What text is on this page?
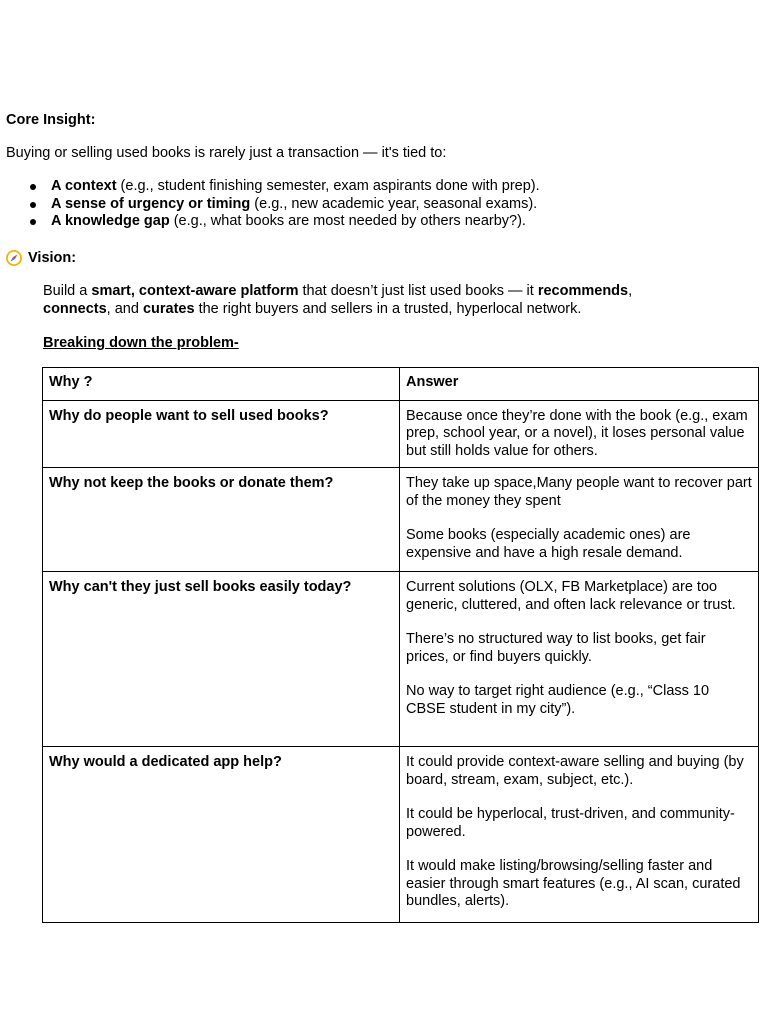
Core Insight:
Buying or selling used books is rarely just a transaction — it's tied to:
A context (e.g., student finishing semester, exam aspirants done with prep).
A sense of urgency or timing (e.g., new academic year, seasonal exams).
A knowledge gap (e.g., what books are most needed by others nearby?).
Vision:
Build a smart, context-aware platform that doesn’t just list used books — it recommends,
connects, and curates the right buyers and sellers in a trusted, hyperlocal network.
Breaking down the problem-
Why ?	Answer
Why do people want to sell used books?	Because once they’re done with the book (e.g., exam prep, school year, or a novel), it loses personal value but still holds value for others.

Why not keep the books or donate them?	They take up space,Many people want to recover part of the money they spent

Some books (especially academic ones) are expensive and have a high resale demand.

Why can't they just sell books easily today?	Current solutions (OLX, FB Marketplace) are too generic, cluttered, and often lack relevance or trust.

There’s no structured way to list books, get fair prices, or find buyers quickly.

No way to target right audience (e.g., “Class 10 CBSE student in my city”).

Why would a dedicated app help?	It could provide context-aware selling and buying (by board, stream, exam, subject, etc.).

It could be hyperlocal, trust-driven, and community-powered.

It would make listing/browsing/selling faster and easier through smart features (e.g., AI scan, curated bundles, alerts).
